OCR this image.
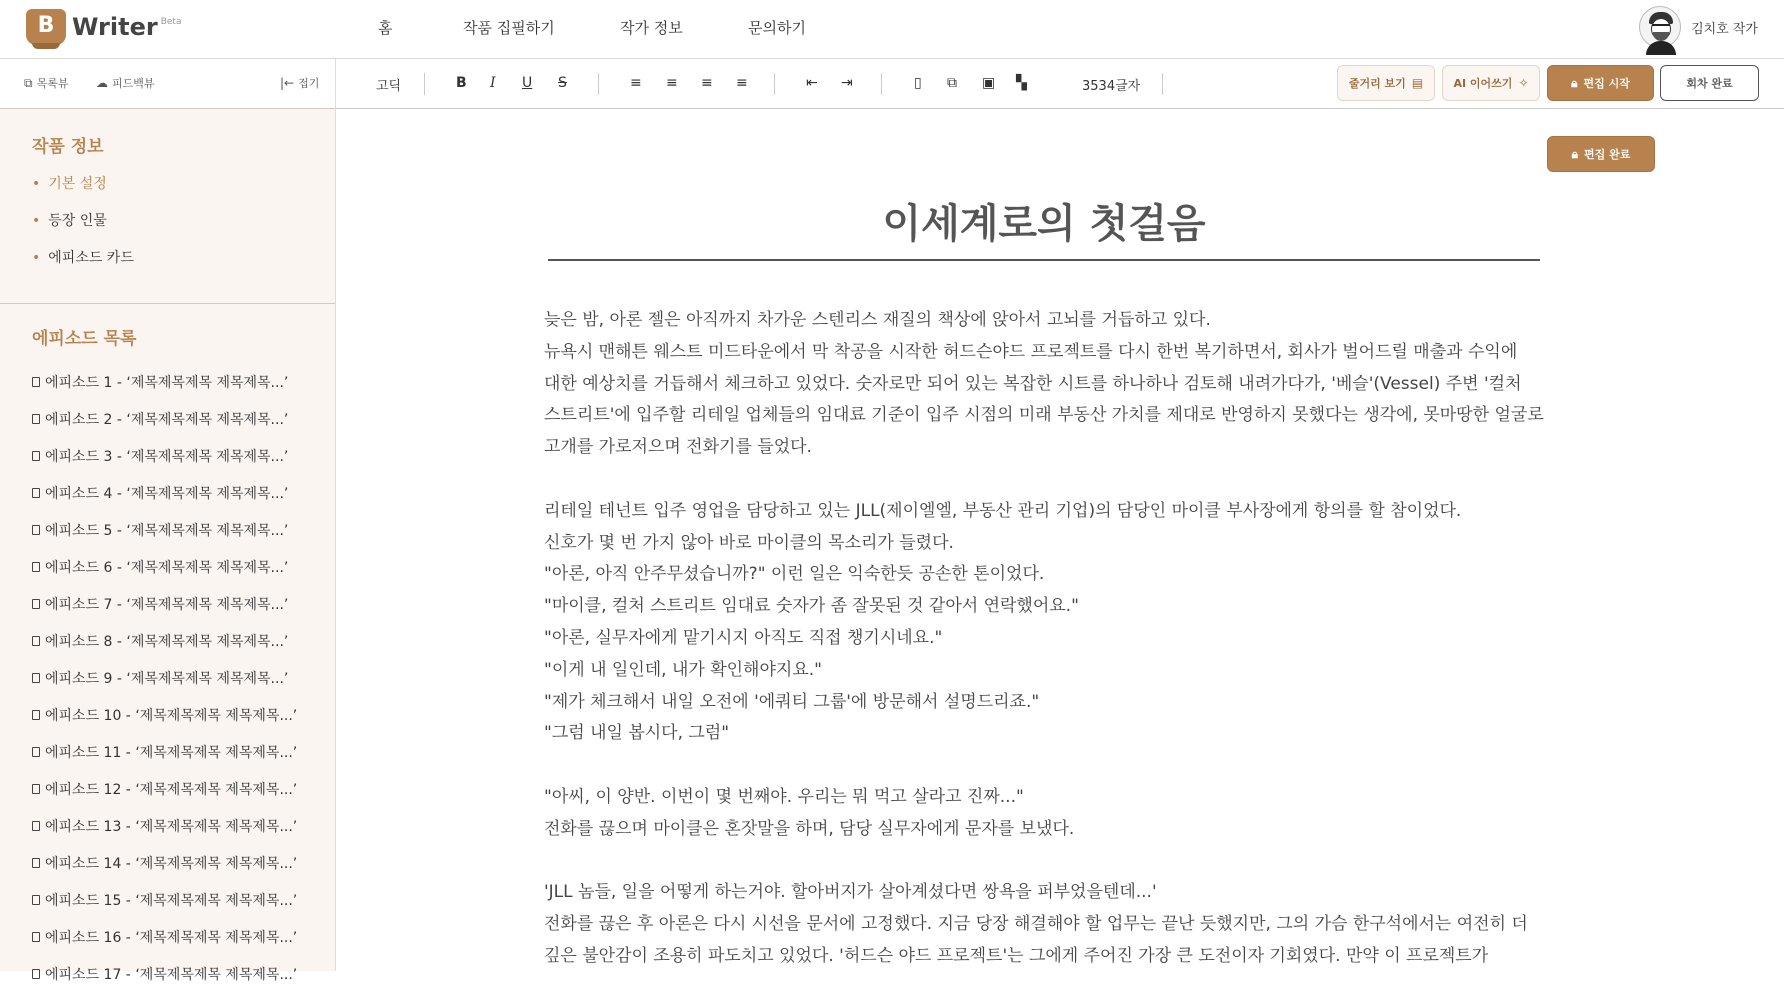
B Writer Beta	홈	작품 집필하기	작가 정보	문의하기	김치호 작가
⧉ 목록뷰 ☁ 피드백뷰	|← 접기
작품 정보
• 기본 설정
• 등장 인물
• 에피소드 카드
에피소드 목록
에피소드 1 - ‘제목제목제목 제목제목...’
에피소드 2 - ‘제목제목제목 제목제목...’
에피소드 3 - ‘제목제목제목 제목제목...’
에피소드 4 - ‘제목제목제목 제목제목...’
에피소드 5 - ‘제목제목제목 제목제목...’
에피소드 6 - ‘제목제목제목 제목제목...’
에피소드 7 - ‘제목제목제목 제목제목...’
에피소드 8 - ‘제목제목제목 제목제목...’
에피소드 9 - ‘제목제목제목 제목제목...’
에피소드 10 - ‘제목제목제목 제목제목...’
에피소드 11 - ‘제목제목제목 제목제목...’
에피소드 12 - ‘제목제목제목 제목제목...’
에피소드 13 - ‘제목제목제목 제목제목...’
에피소드 14 - ‘제목제목제목 제목제목...’
에피소드 15 - ‘제목제목제목 제목제목...’
에피소드 16 - ‘제목제목제목 제목제목...’
에피소드 17 - ‘제목제목제목 제목제목...’
고딕	B I U S	≡ ≡ ≡ ≡	⇤ ⇥	▯ ⧉ ▣ ▚	3534글자	줄거리 보기 ▤	AI 이어쓰기 ✧	🔒︎ 편집 시작	회차 완료
🔒︎ 편집 완료
이세계로의 첫걸음
늦은 밤, 아론 젤은 아직까지 차가운 스텐리스 재질의 책상에 앉아서 고뇌를 거듭하고 있다.
뉴욕시 맨해튼 웨스트 미드타운에서 막 착공을 시작한 허드슨야드 프로젝트를 다시 한번 복기하면서, 회사가 벌어드릴 매출과 수익에
대한 예상치를 거듭해서 체크하고 있었다. 숫자로만 되어 있는 복잡한 시트를 하나하나 검토해 내려가다가, '베슬'(Vessel) 주변 '컬처
스트리트'에 입주할 리테일 업체들의 임대료 기준이 입주 시점의 미래 부동산 가치를 제대로 반영하지 못했다는 생각에, 못마땅한 얼굴로
고개를 가로저으며 전화기를 들었다.
리테일 테넌트 입주 영업을 담당하고 있는 JLL(제이엘엘, 부동산 관리 기업)의 담당인 마이클 부사장에게 항의를 할 참이었다.
신호가 몇 번 가지 않아 바로 마이클의 목소리가 들렸다.
"아론, 아직 안주무셨습니까?" 이런 일은 익숙한듯 공손한 톤이었다.
"마이클, 컬처 스트리트 임대료 숫자가 좀 잘못된 것 같아서 연락했어요."
"아론, 실무자에게 맡기시지 아직도 직접 챙기시네요."
"이게 내 일인데, 내가 확인해야지요."
"제가 체크해서 내일 오전에 '에쿼티 그룹'에 방문해서 설명드리죠."
"그럼 내일 봅시다, 그럼"
"아씨, 이 양반. 이번이 몇 번째야. 우리는 뭐 먹고 살라고 진짜..."
전화를 끊으며 마이클은 혼잣말을 하며, 담당 실무자에게 문자를 보냈다.
'JLL 놈들, 일을 어떻게 하는거야. 할아버지가 살아계셨다면 쌍욕을 퍼부었을텐데...'
전화를 끊은 후 아론은 다시 시선을 문서에 고정했다. 지금 당장 해결해야 할 업무는 끝난 듯했지만, 그의 가슴 한구석에서는 여전히 더
깊은 불안감이 조용히 파도치고 있었다. '허드슨 야드 프로젝트'는 그에게 주어진 가장 큰 도전이자 기회였다. 만약 이 프로젝트가
